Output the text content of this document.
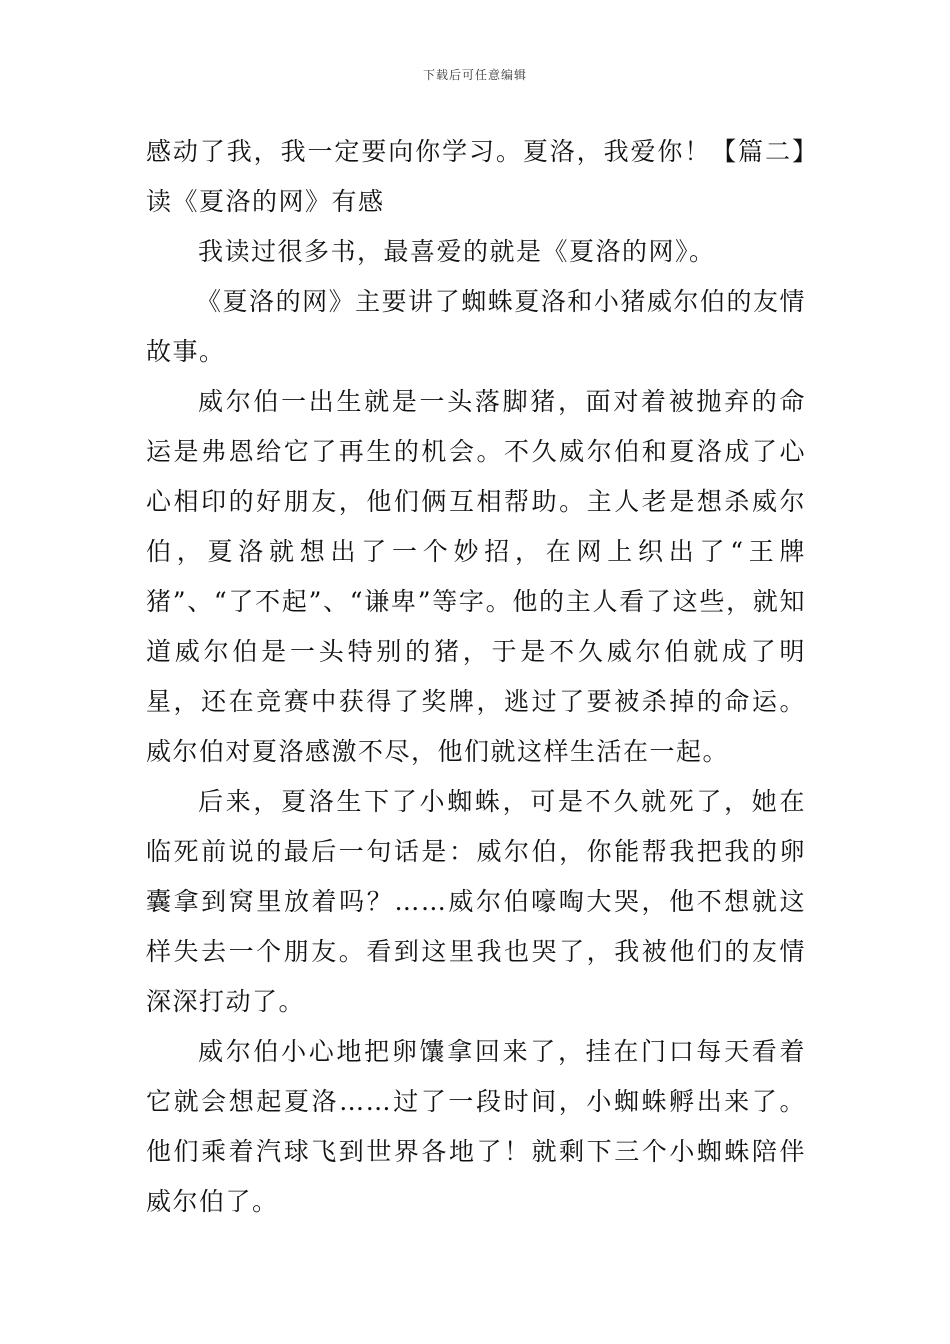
下载后可任意编辑

感动了我，我一定要向你学习。夏洛，我爱你！【篇二】读《夏洛的网》有感

我读过很多书，最喜爱的就是《夏洛的网》。

《夏洛的网》主要讲了蜘蛛夏洛和小猪威尔伯的友情故事。

威尔伯一出生就是一头落脚猪，面对着被抛弃的命运是弗恩给它了再生的机会。不久威尔伯和夏洛成了心心相印的好朋友，他们俩互相帮助。主人老是想杀威尔伯，夏洛就想出了一个妙招，在网上织出了“王牌猪”、“了不起”、“谦卑”等字。他的主人看了这些，就知道威尔伯是一头特别的猪，于是不久威尔伯就成了明星，还在竞赛中获得了奖牌，逃过了要被杀掉的命运。威尔伯对夏洛感激不尽，他们就这样生活在一起。

后来，夏洛生下了小蜘蛛，可是不久就死了，她在临死前说的最后一句话是：威尔伯，你能帮我把我的卵囊拿到窝里放着吗？……威尔伯嚎啕大哭，他不想就这样失去一个朋友。看到这里我也哭了，我被他们的友情深深打动了。

威尔伯小心地把卵馕拿回来了，挂在门口每天看着它就会想起夏洛……过了一段时间，小蜘蛛孵出来了。他们乘着汽球飞到世界各地了！就剩下三个小蜘蛛陪伴威尔伯了。
